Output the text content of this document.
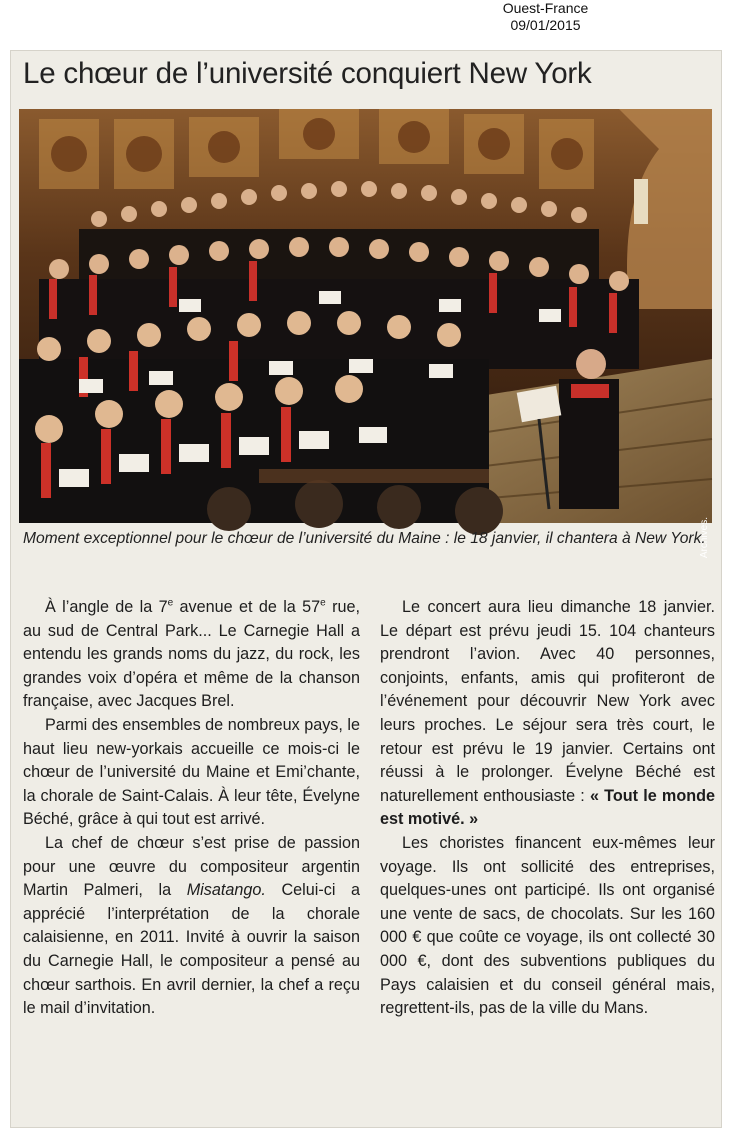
Ouest-France
09/01/2015
Le chœur de l’université conquiert New York
Archives.
Moment exceptionnel pour le chœur de l’université du Maine : le 18 janvier, il chantera à New York.

À l’angle de la 7e avenue et de la 57e rue, au sud de Central Park... Le Carnegie Hall a entendu les grands noms du jazz, du rock, les grandes voix d’opéra et même de la chanson française, avec Jacques Brel.

Parmi des ensembles de nombreux pays, le haut lieu new-yorkais accueille ce mois-ci le chœur de l’université du Maine et Emi’chante, la chorale de Saint-Calais. À leur tête, Évelyne Béché, grâce à qui tout est arrivé.

La chef de chœur s’est prise de passion pour une œuvre du compositeur argentin Martin Palmeri, la Misatango. Celui-ci a apprécié l’interprétation de la chorale calaisienne, en 2011. Invité à ouvrir la saison du Carnegie Hall, le compositeur a pensé au chœur sarthois. En avril dernier, la chef a reçu le mail d’invitation.

Le concert aura lieu dimanche 18 janvier. Le départ est prévu jeudi 15. 104 chanteurs prendront l’avion. Avec 40 personnes, conjoints, enfants, amis qui profiteront de l’événement pour découvrir New York avec leurs proches. Le séjour sera très court, le retour est prévu le 19 janvier. Certains ont réussi à le prolonger. Évelyne Béché est naturellement enthousiaste : « Tout le monde est motivé. »

Les choristes financent eux-mêmes leur voyage. Ils ont sollicité des entreprises, quelques-unes ont participé. Ils ont organisé une vente de sacs, de chocolats. Sur les 160 000 € que coûte ce voyage, ils ont collecté 30 000 €, dont des subventions publiques du Pays calaisien et du conseil général mais, regrettent-ils, pas de la ville du Mans.
